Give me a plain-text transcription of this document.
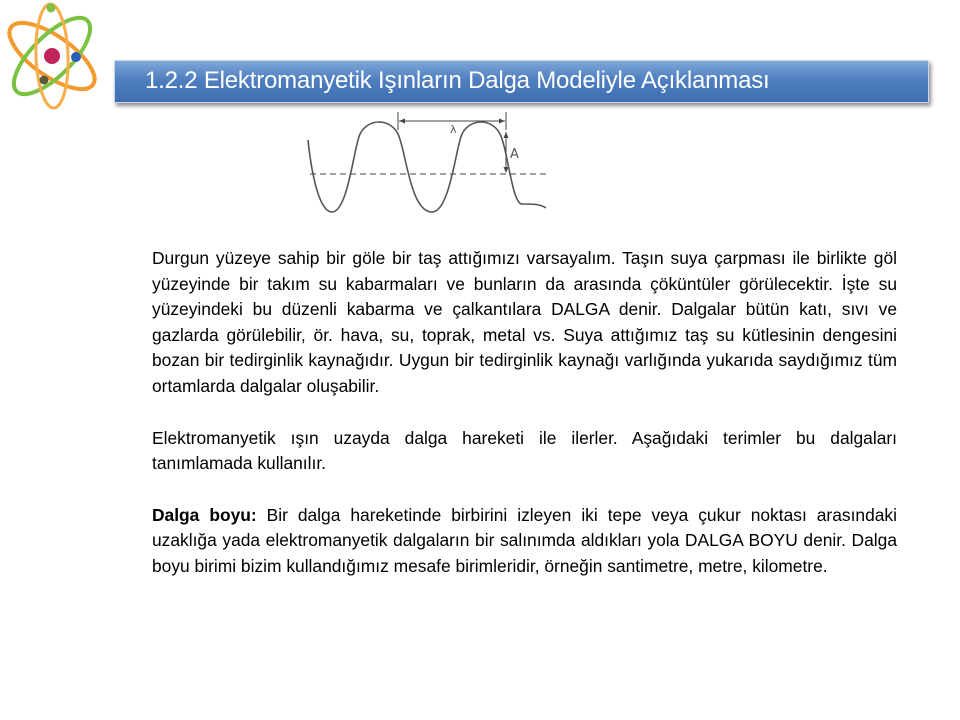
1.2.2 Elektromanyetik Işınların Dalga Modeliyle Açıklanması
λ
A

Durgun yüzeye sahip bir göle bir taş attığımızı varsayalım. Taşın suya çarpması ile birlikte göl yüzeyinde bir takım su kabarmaları ve bunların da arasında çöküntüler görülecektir. İşte su yüzeyindeki bu düzenli kabarma ve çalkantılara DALGA denir. Dalgalar bütün katı, sıvı ve gazlarda görülebilir, ör. hava, su, toprak, metal vs. Suya attığımız taş su kütlesinin dengesini bozan bir tedirginlik kaynağıdır. Uygun bir tedirginlik kaynağı varlığında yukarıda saydığımız tüm ortamlarda dalgalar oluşabilir.

Elektromanyetik ışın uzayda dalga hareketi ile ilerler. Aşağıdaki terimler bu dalgaları tanımlamada kullanılır.

Dalga boyu: Bir dalga hareketinde birbirini izleyen iki tepe veya çukur noktası arasındaki uzaklığa yada elektromanyetik dalgaların bir salınımda aldıkları yola DALGA BOYU denir. Dalga boyu birimi bizim kullandığımız mesafe birimleridir, örneğin santimetre, metre, kilometre.
